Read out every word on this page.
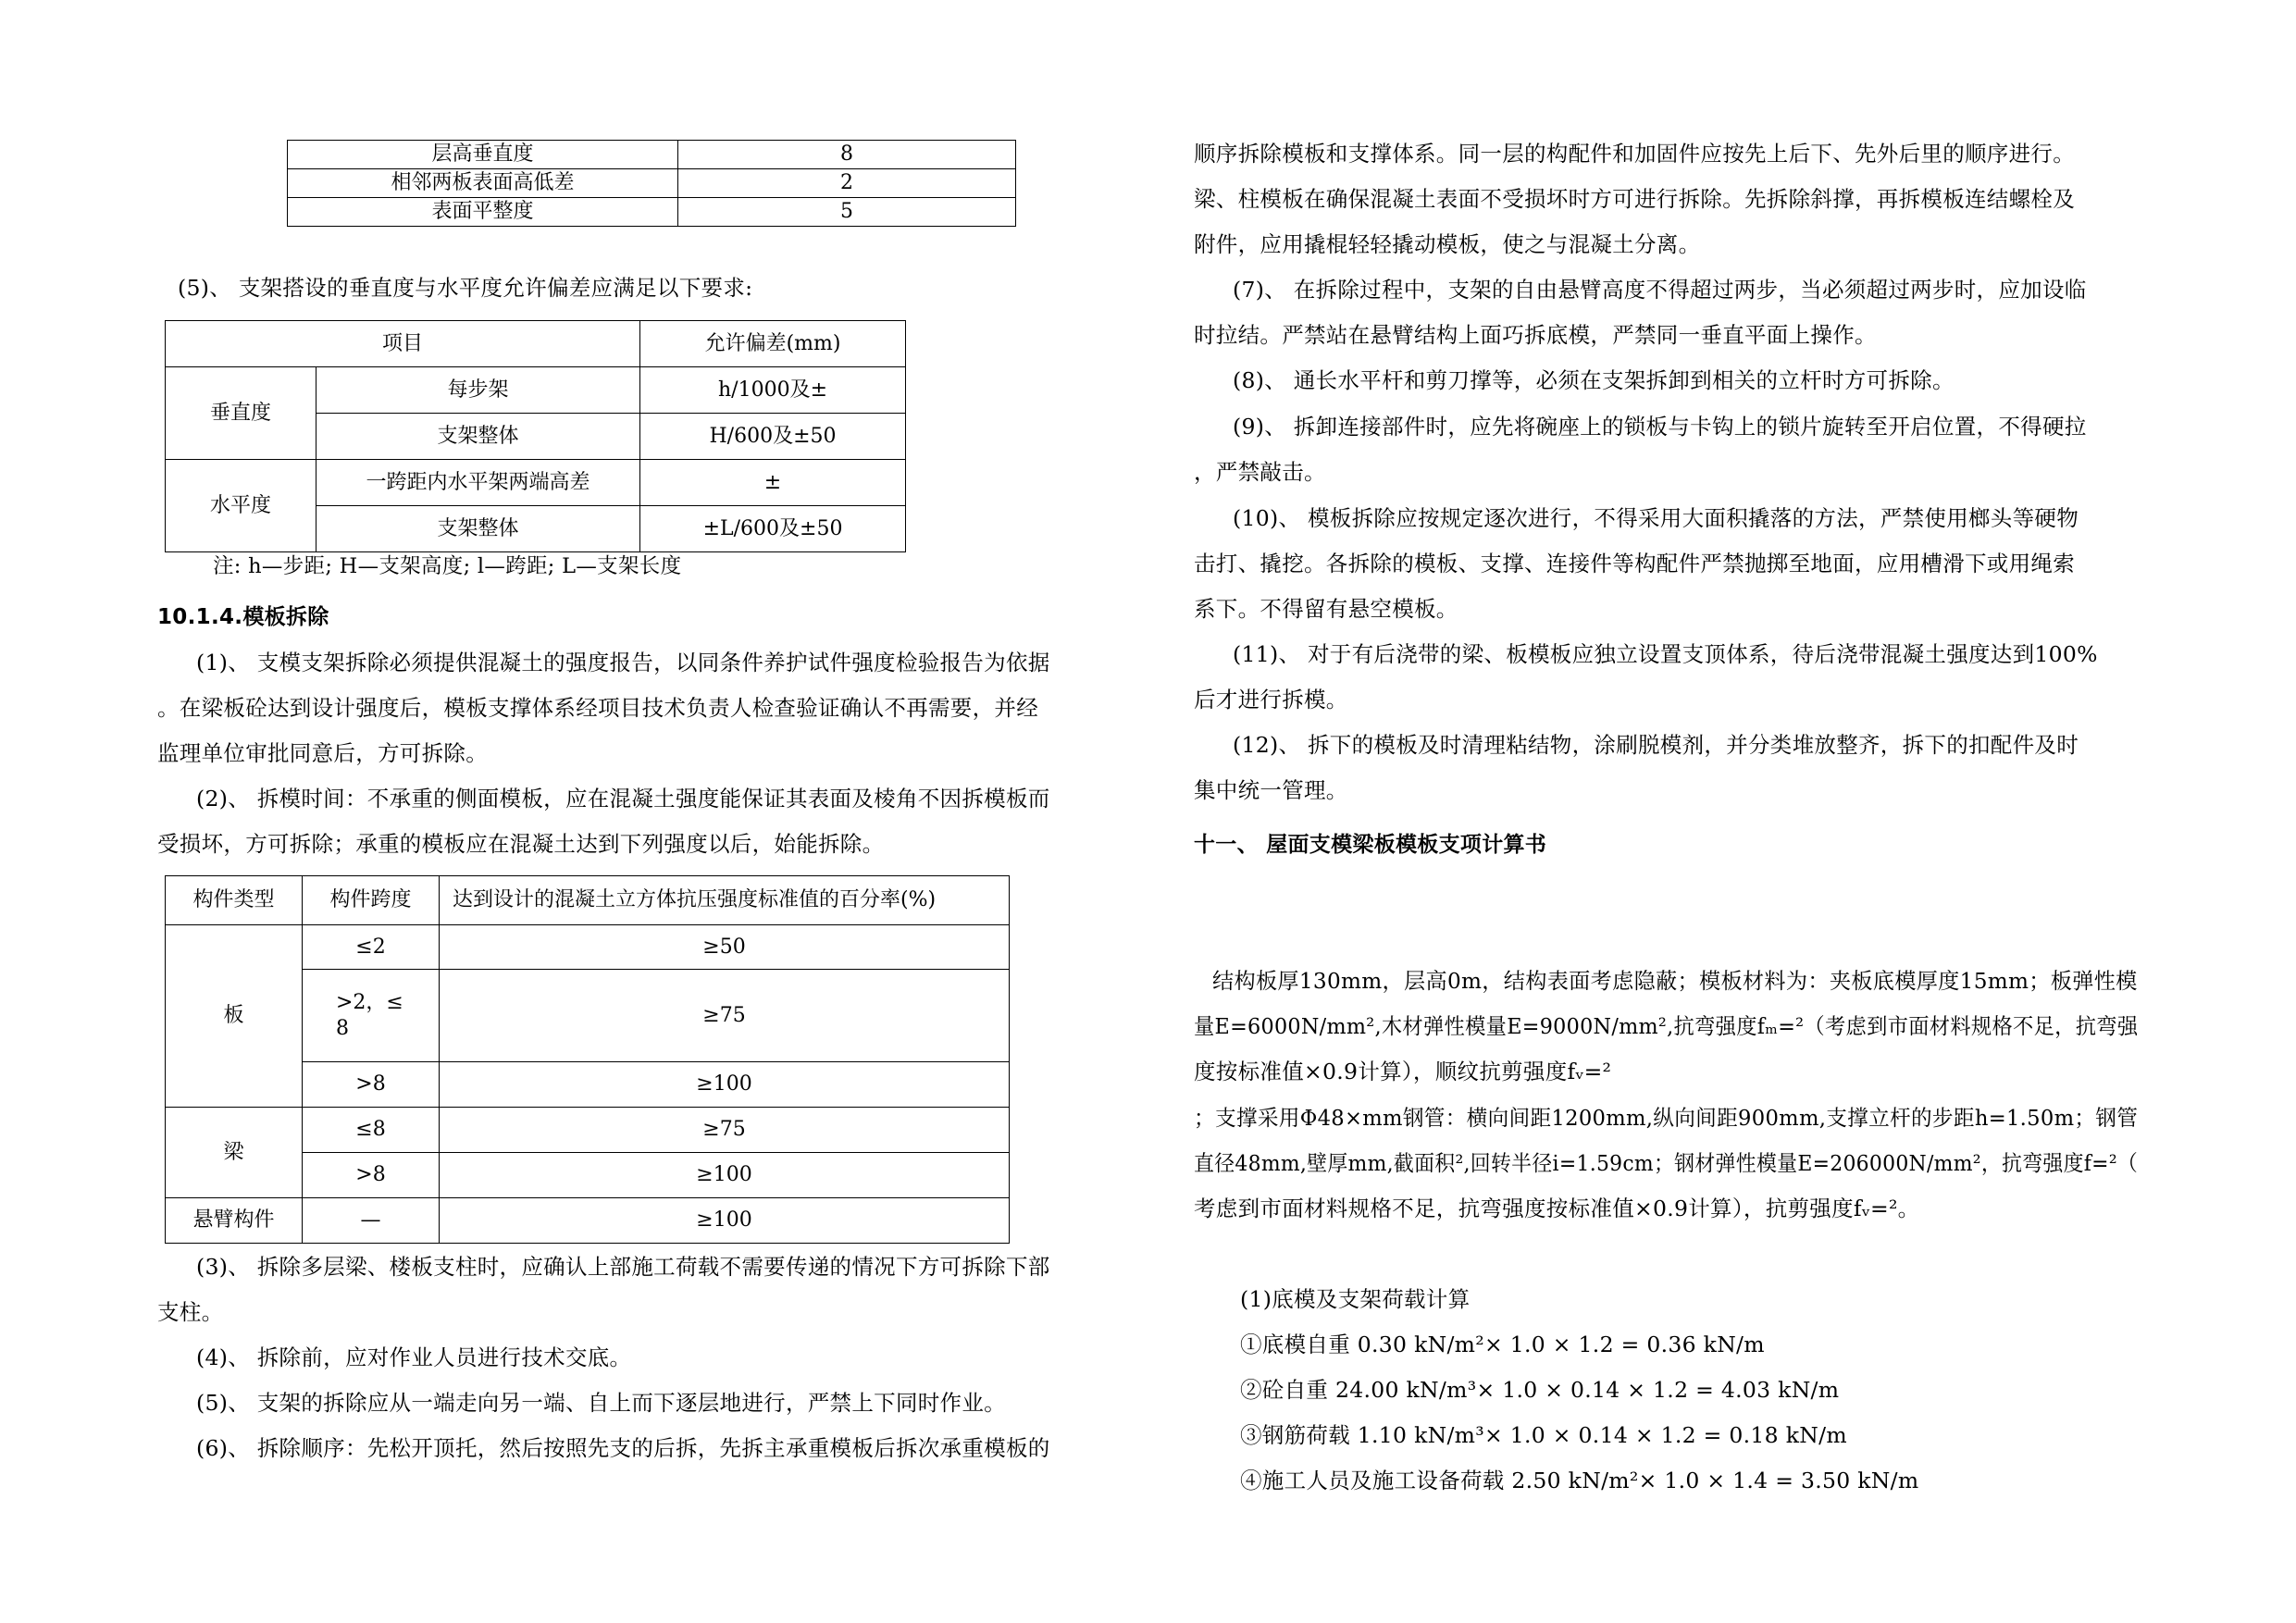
层高垂直度	8
相邻两板表面高低差	2
表面平整度	5
(5)、 支架搭设的垂直度与水平度允许偏差应满足以下要求:
项目		允许偏差(mm)
垂直度	每步架	h/1000及±
	支架整体	H/600及±50
水平度	一跨距内水平架两端高差	±
	支架整体	±L/600及±50
注: h—步距; H—支架高度; l—跨距; L—支架长度
10.1.4.模板拆除
(1)、 支模支架拆除必须提供混凝土的强度报告，以同条件养护试件强度检验报告为依据
。在梁板砼达到设计强度后，模板支撑体系经项目技术负责人检查验证确认不再需要，并经
监理单位审批同意后，方可拆除。
(2)、 拆模时间：不承重的侧面模板，应在混凝土强度能保证其表面及棱角不因拆模板而
受损坏，方可拆除；承重的模板应在混凝土达到下列强度以后，始能拆除。
构件类型	构件跨度	达到设计的混凝土立方体抗压强度标准值的百分率(%)
板	≤2	≥50
	>2，≤ 8	≥75
	>8	≥100
梁	≤8	≥75
	>8	≥100
悬臂构件	—	≥100
(3)、 拆除多层梁、楼板支柱时，应确认上部施工荷载不需要传递的情况下方可拆除下部
支柱。
(4)、 拆除前，应对作业人员进行技术交底。
(5)、 支架的拆除应从一端走向另一端、自上而下逐层地进行，严禁上下同时作业。
(6)、 拆除顺序：先松开顶托，然后按照先支的后拆，先拆主承重模板后拆次承重模板的
顺序拆除模板和支撑体系。同一层的构配件和加固件应按先上后下、先外后里的顺序进行。
梁、柱模板在确保混凝土表面不受损坏时方可进行拆除。先拆除斜撑，再拆模板连结螺栓及
附件，应用撬棍轻轻撬动模板，使之与混凝土分离。
(7)、 在拆除过程中，支架的自由悬臂高度不得超过两步，当必须超过两步时，应加设临
时拉结。严禁站在悬臂结构上面巧拆底模，严禁同一垂直平面上操作。
(8)、 通长水平杆和剪刀撑等，必须在支架拆卸到相关的立杆时方可拆除。
(9)、 拆卸连接部件时，应先将碗座上的锁板与卡钩上的锁片旋转至开启位置，不得硬拉
，严禁敲击。
(10)、 模板拆除应按规定逐次进行，不得采用大面积撬落的方法，严禁使用榔头等硬物
击打、撬挖。各拆除的模板、支撑、连接件等构配件严禁抛掷至地面，应用槽滑下或用绳索
系下。不得留有悬空模板。
(11)、 对于有后浇带的梁、板模板应独立设置支顶体系，待后浇带混凝土强度达到100%
后才进行拆模。
(12)、 拆下的模板及时清理粘结物，涂刷脱模剂，并分类堆放整齐，拆下的扣配件及时
集中统一管理。
十一、 屋面支模梁板模板支项计算书
结构板厚130mm，层高0m，结构表面考虑隐蔽；模板材料为：夹板底模厚度15mm；板弹性模
量E=6000N/mm²,木材弹性模量E=9000N/mm²,抗弯强度fₘ=²（考虑到市面材料规格不足，抗弯强
度按标准值×0.9计算），顺纹抗剪强度fᵥ=²
；支撑采用Φ48×mm钢管：横向间距1200mm,纵向间距900mm,支撑立杆的步距h=1.50m；钢管
直径48mm,壁厚mm,截面积²,回转半径i=1.59cm；钢材弹性模量E=206000N/mm²，抗弯强度f=²（
考虑到市面材料规格不足，抗弯强度按标准值×0.9计算），抗剪强度fᵥ=²。
(1)底模及支架荷载计算
①底模自重 0.30 kN/m²× 1.0 × 1.2 = 0.36 kN/m
②砼自重 24.00 kN/m³× 1.0 × 0.14 × 1.2 = 4.03 kN/m
③钢筋荷载 1.10 kN/m³× 1.0 × 0.14 × 1.2 = 0.18 kN/m
④施工人员及施工设备荷载 2.50 kN/m²× 1.0 × 1.4 = 3.50 kN/m
